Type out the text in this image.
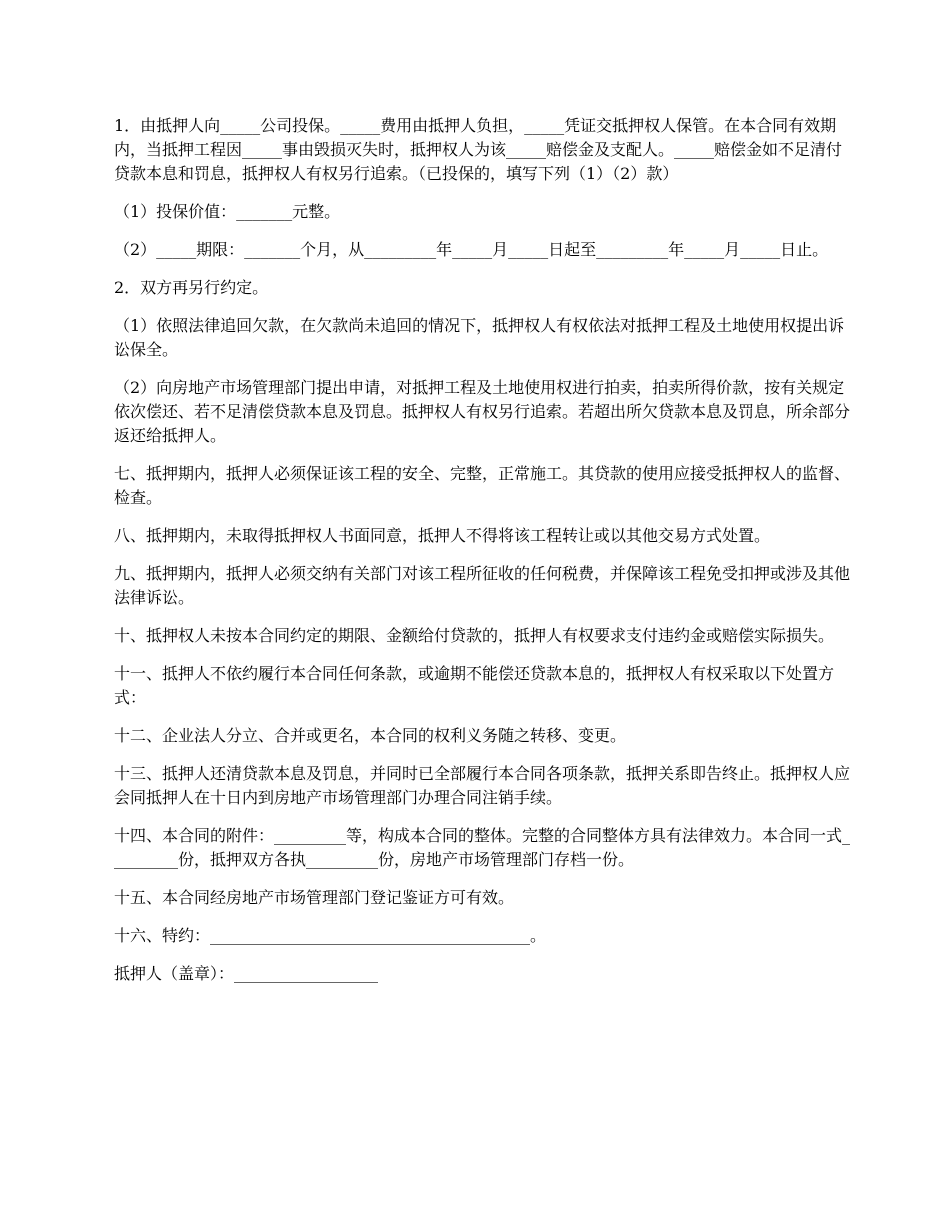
1．由抵押人向_____公司投保。_____费用由抵押人负担，_____凭证交抵押权人保管。在本合同有效期内，当抵押工程因_____事由毁损灭失时，抵押权人为该_____赔偿金及支配人。_____赔偿金如不足清付贷款本息和罚息，抵押权人有权另行追索。（已投保的，填写下列（1）（2）款）

（1）投保价值：_______元整。

（2）_____期限：_______个月，从_________年_____月_____日起至_________年_____月_____日止。

2．双方再另行约定。

（1）依照法律追回欠款，在欠款尚未追回的情况下，抵押权人有权依法对抵押工程及土地使用权提出诉讼保全。

（2）向房地产市场管理部门提出申请，对抵押工程及土地使用权进行拍卖，拍卖所得价款，按有关规定依次偿还、若不足清偿贷款本息及罚息。抵押权人有权另行追索。若超出所欠贷款本息及罚息，所余部分返还给抵押人。

七、抵押期内，抵押人必须保证该工程的安全、完整，正常施工。其贷款的使用应接受抵押权人的监督、检查。

八、抵押期内，未取得抵押权人书面同意，抵押人不得将该工程转让或以其他交易方式处置。

九、抵押期内，抵押人必须交纳有关部门对该工程所征收的任何税费，并保障该工程免受扣押或涉及其他法律诉讼。

十、抵押权人未按本合同约定的期限、金额给付贷款的，抵押人有权要求支付违约金或赔偿实际损失。

十一、抵押人不依约履行本合同任何条款，或逾期不能偿还贷款本息的，抵押权人有权采取以下处置方式：

十二、企业法人分立、合并或更名，本合同的权利义务随之转移、变更。

十三、抵押人还清贷款本息及罚息，并同时已全部履行本合同各项条款，抵押关系即告终止。抵押权人应会同抵押人在十日内到房地产市场管理部门办理合同注销手续。

十四、本合同的附件：_________等，构成本合同的整体。完整的合同整体方具有法律效力。本合同一式_________份，抵押双方各执_________份，房地产市场管理部门存档一份。

十五、本合同经房地产市场管理部门登记鉴证方可有效。

十六、特约：________________________________________。

抵押人（盖章）：__________________
